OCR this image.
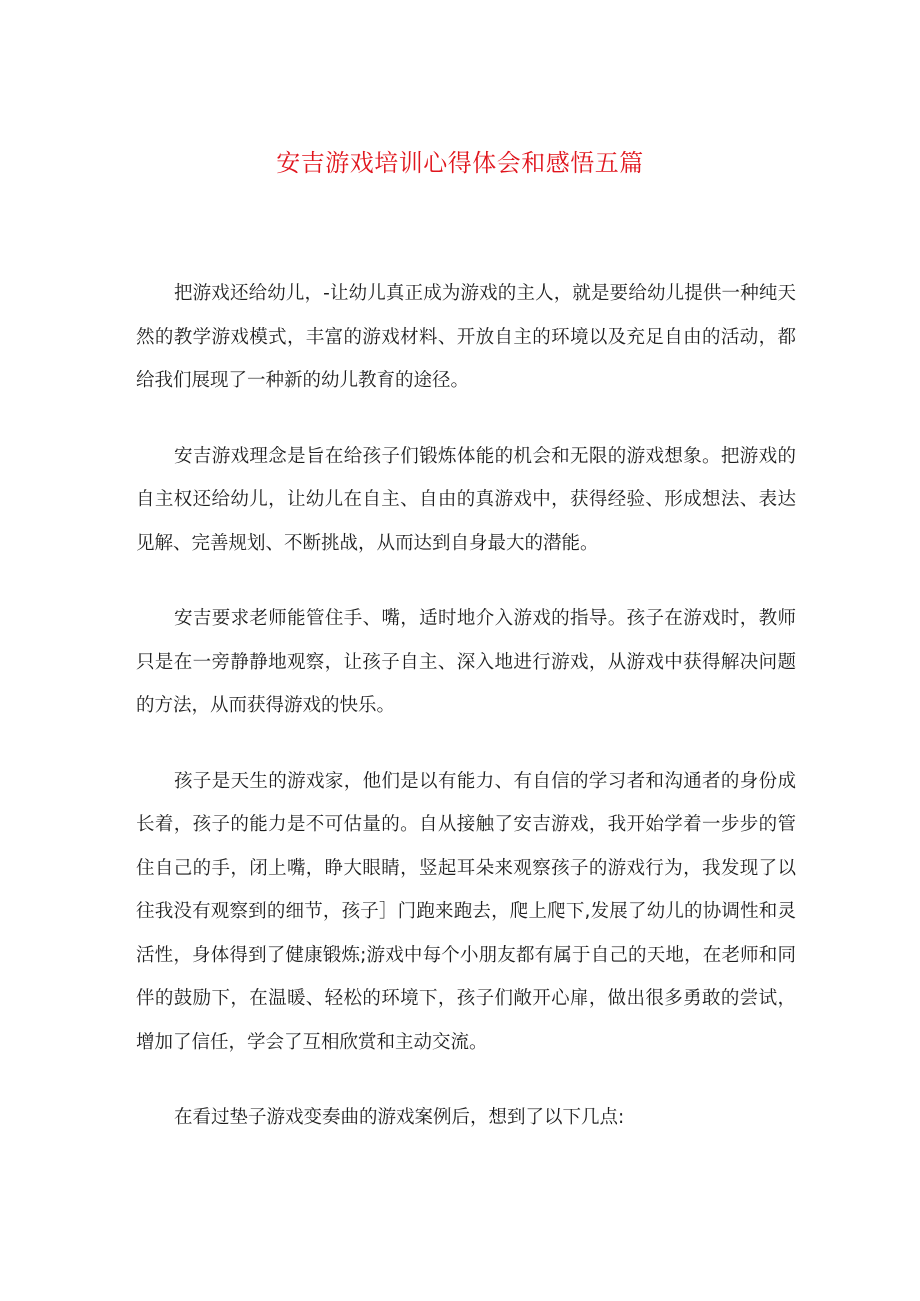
安吉游戏培训心得体会和感悟五篇

把游戏还给幼儿，-让幼儿真正成为游戏的主人，就是要给幼儿提供一种纯天然的教学游戏模式，丰富的游戏材料、开放自主的环境以及充足自由的活动，都给我们展现了一种新的幼儿教育的途径。

安吉游戏理念是旨在给孩子们锻炼体能的机会和无限的游戏想象。把游戏的自主权还给幼儿，让幼儿在自主、自由的真游戏中，获得经验、形成想法、表达见解、完善规划、不断挑战，从而达到自身最大的潜能。

安吉要求老师能管住手、嘴，适时地介入游戏的指导。孩子在游戏时，教师只是在一旁静静地观察，让孩子自主、深入地进行游戏，从游戏中获得解决问题的方法，从而获得游戏的快乐。

孩子是天生的游戏家，他们是以有能力、有自信的学习者和沟通者的身份成长着，孩子的能力是不可估量的。自从接触了安吉游戏，我开始学着一步步的管住自己的手，闭上嘴，睁大眼睛，竖起耳朵来观察孩子的游戏行为，我发现了以往我没有观察到的细节，孩子］门跑来跑去，爬上爬下,发展了幼儿的协调性和灵活性，身体得到了健康锻炼;游戏中每个小朋友都有属于自己的天地，在老师和同伴的鼓励下，在温暖、轻松的环境下，孩子们敞开心扉，做出很多勇敢的尝试，增加了信任，学会了互相欣赏和主动交流。

在看过垫子游戏变奏曲的游戏案例后，想到了以下几点:
